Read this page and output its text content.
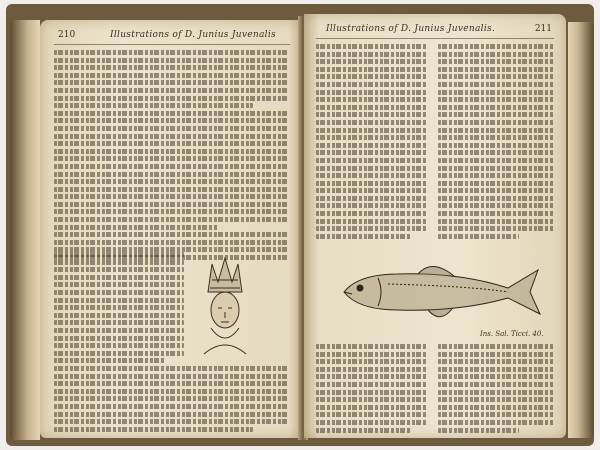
210	Illustrations of D. Junius Juvenalis
Illustrations of D. Junius Juvenalis.	211
Ins. Sal. Ticci. 40.
